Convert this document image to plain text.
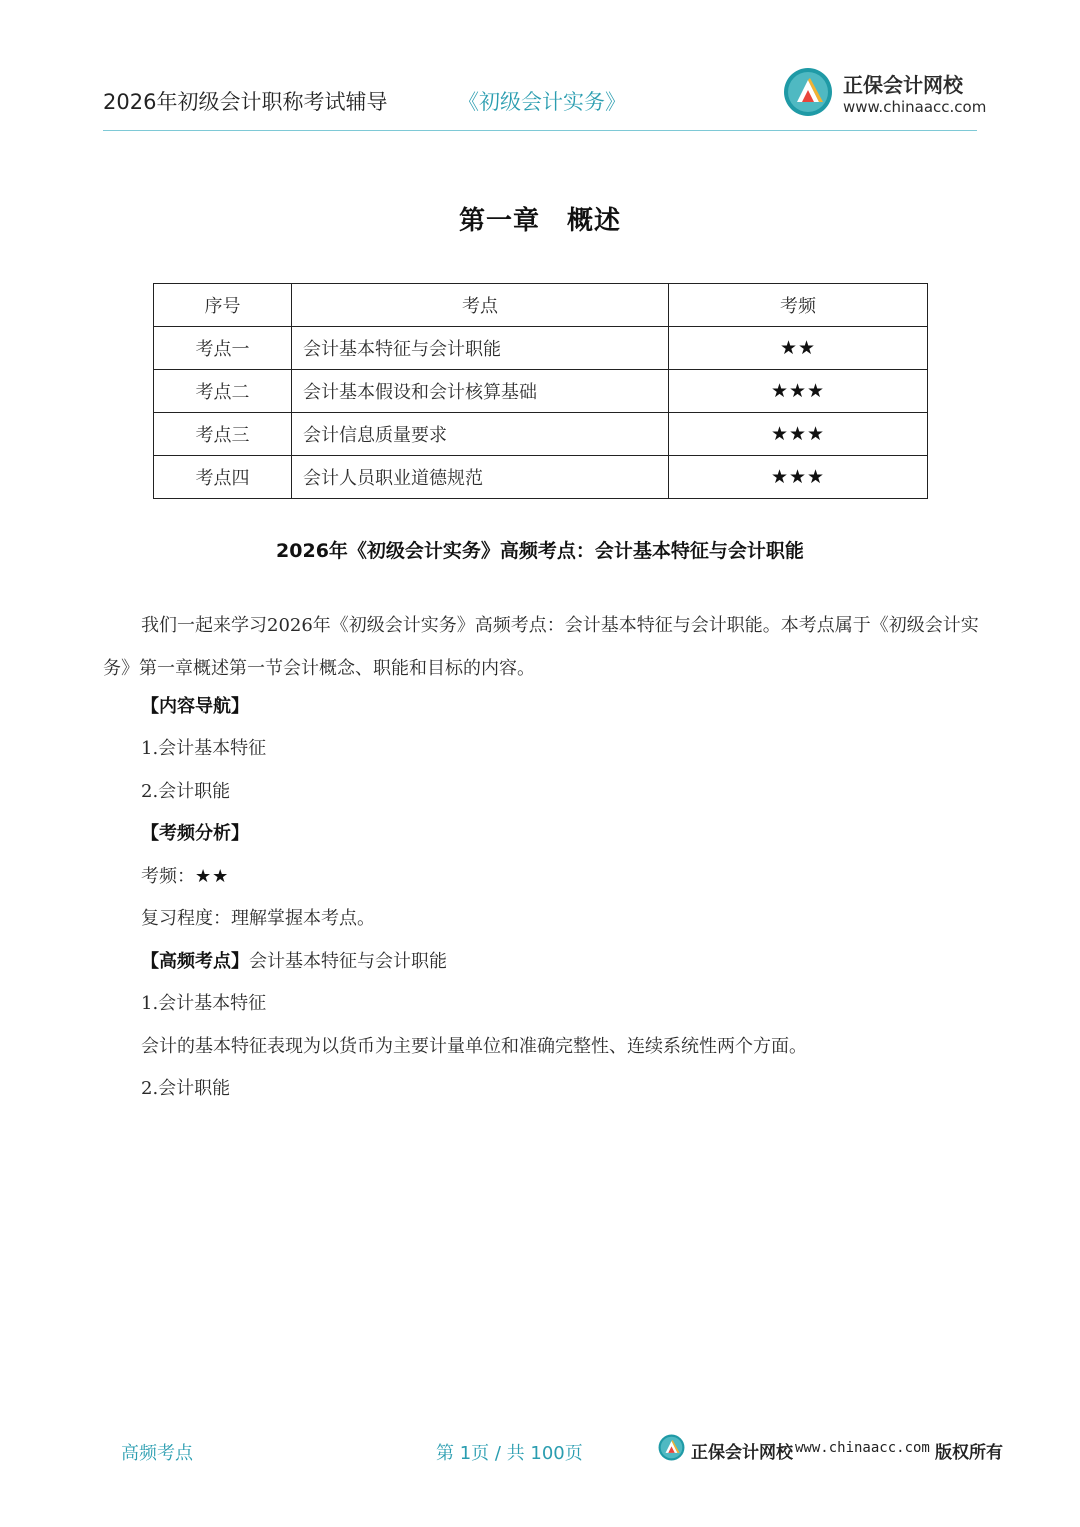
2026年初级会计职称考试辅导	《初级会计实务》
正保会计网校
www.chinaacc.com
第一章　概述
序号	考点	考频
考点一	会计基本特征与会计职能	★★
考点二	会计基本假设和会计核算基础	★★★
考点三	会计信息质量要求	★★★
考点四	会计人员职业道德规范	★★★
2026年《初级会计实务》高频考点：会计基本特征与会计职能
我们一起来学习2026年《初级会计实务》高频考点：会计基本特征与会计职能。本考点属于《初级会计实务》第一章概述第一节会计概念、职能和目标的内容。
【内容导航】
1.会计基本特征
2.会计职能
【考频分析】
考频：★★
复习程度：理解掌握本考点。
【高频考点】会计基本特征与会计职能
1.会计基本特征
会计的基本特征表现为以货币为主要计量单位和准确完整性、连续系统性两个方面。
2.会计职能
高频考点	第 1页 / 共 100页	正保会计网校 www.chinaacc.com 版权所有
